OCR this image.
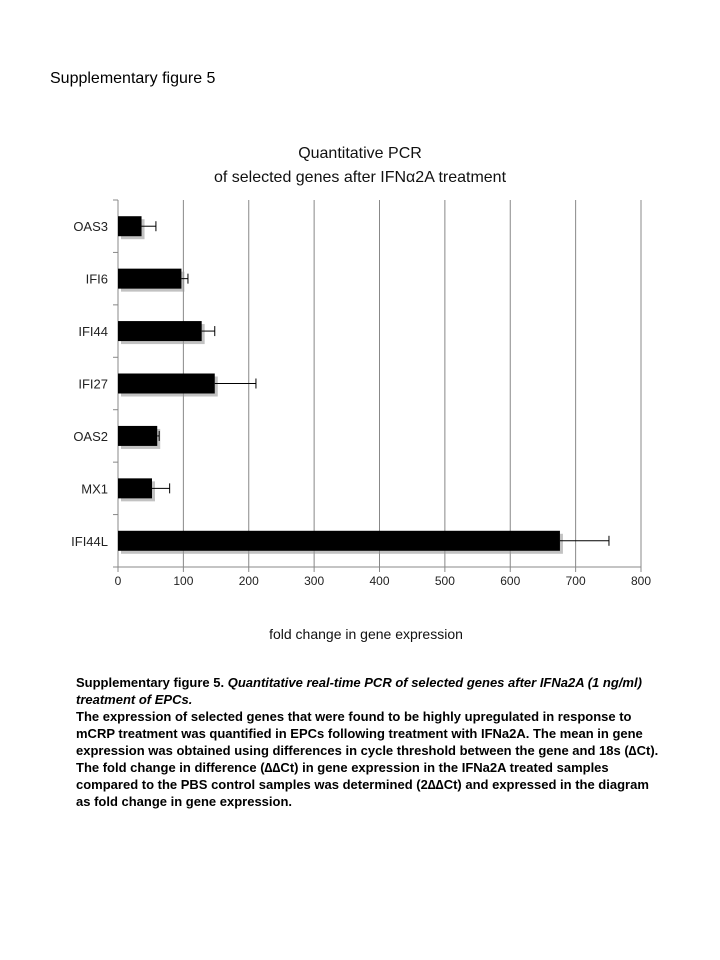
Supplementary figure 5
Quantitative PCR
of selected genes after IFNα2A treatment
0	100	200	300	400	500	600	700	800
fold change in gene expression
OAS3
IFI6
IFI44
IFI27
OAS2
MX1
IFI44L

Supplementary figure 5. Quantitative real-time PCR of selected genes after IFNa2A (1 ng/ml) treatment of EPCs.

The expression of selected genes that were found to be highly upregulated in response to mCRP treatment was quantified in EPCs following treatment with IFNa2A. The mean in gene expression was obtained using differences in cycle threshold between the gene and 18s (∆Ct). The fold change in difference (∆∆Ct) in gene expression in the IFNa2A treated samples compared to the PBS control samples was determined (2∆∆Ct) and expressed in the diagram as fold change in gene expression.
